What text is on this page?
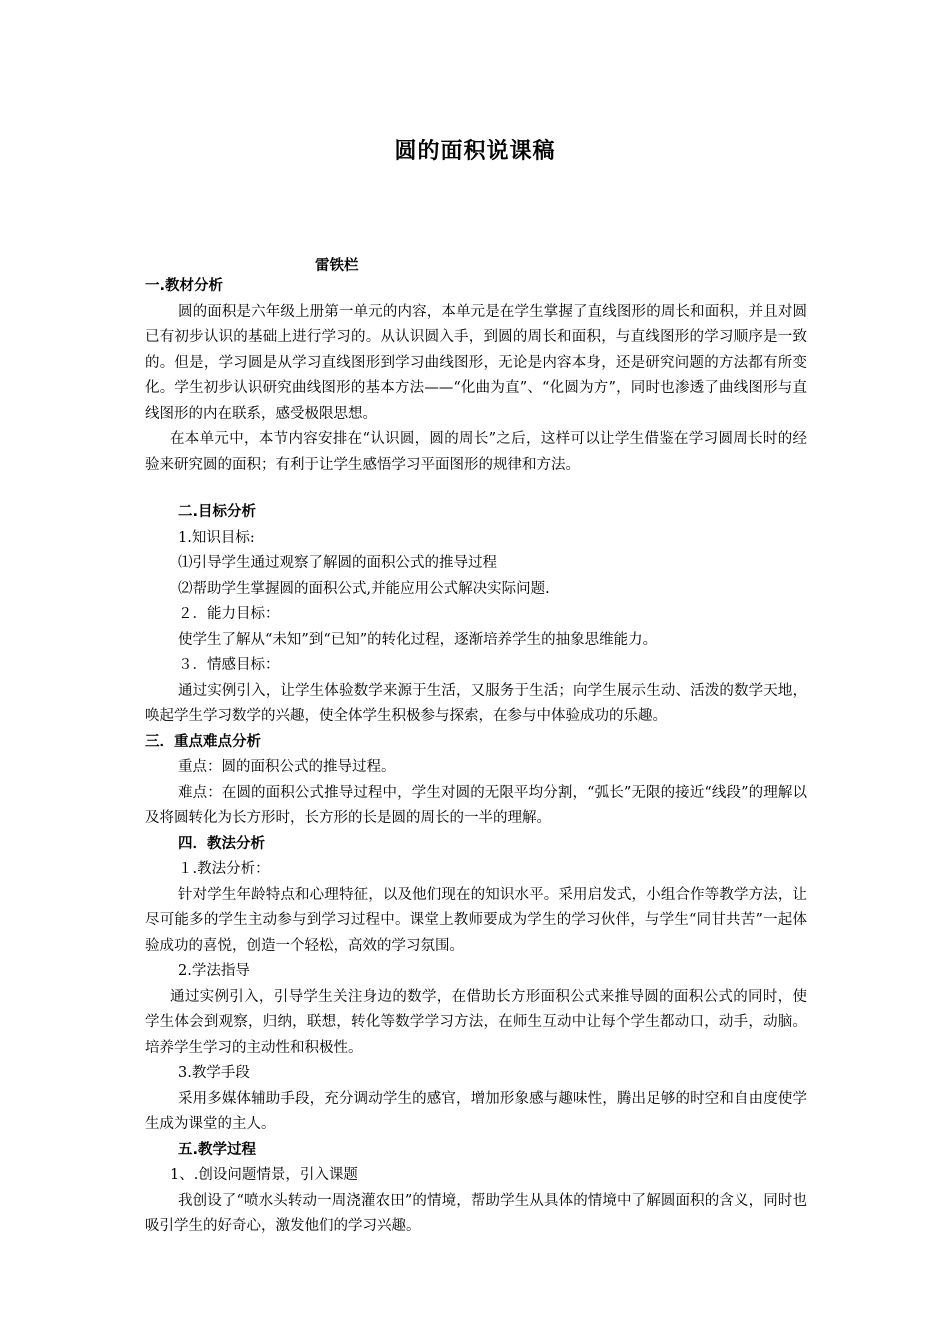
圆的面积说课稿
雷铁栏

一.教材分析

圆的面积是六年级上册第一单元的内容，本单元是在学生掌握了直线图形的周长和面积，并且对圆已有初步认识的基础上进行学习的。从认识圆入手，到圆的周长和面积，与直线图形的学习顺序是一致的。但是，学习圆是从学习直线图形到学习曲线图形，无论是内容本身，还是研究问题的方法都有所变化。学生初步认识研究曲线图形的基本方法——“化曲为直”、“化圆为方”，同时也渗透了曲线图形与直线图形的内在联系，感受极限思想。

在本单元中，本节内容安排在“认识圆，圆的周长”之后，这样可以让学生借鉴在学习圆周长时的经验来研究圆的面积；有利于让学生感悟学习平面图形的规律和方法。

二.目标分析

1.知识目标:

⑴引导学生通过观察了解圆的面积公式的推导过程

⑵帮助学生掌握圆的面积公式,并能应用公式解决实际问题.

２．能力目标：

使学生了解从“未知”到“已知”的转化过程，逐渐培养学生的抽象思维能力。

３．情感目标：

通过实例引入，让学生体验数学来源于生活，又服务于生活；向学生展示生动、活泼的数学天地，唤起学生学习数学的兴趣，使全体学生积极参与探索，在参与中体验成功的乐趣。

三．重点难点分析

重点：圆的面积公式的推导过程。

难点：在圆的面积公式推导过程中，学生对圆的无限平均分割，“弧长”无限的接近“线段”的理解以及将圆转化为长方形时，长方形的长是圆的周长的一半的理解。

四．教法分析

１.教法分析：

针对学生年龄特点和心理特征，以及他们现在的知识水平。采用启发式，小组合作等教学方法，让尽可能多的学生主动参与到学习过程中。课堂上教师要成为学生的学习伙伴，与学生“同甘共苦”一起体验成功的喜悦，创造一个轻松，高效的学习氛围。

2.学法指导

通过实例引入，引导学生关注身边的数学，在借助长方形面积公式来推导圆的面积公式的同时，使学生体会到观察，归纳，联想，转化等数学学习方法，在师生互动中让每个学生都动口，动手，动脑。培养学生学习的主动性和积极性。

3.教学手段

采用多媒体辅助手段，充分调动学生的感官，增加形象感与趣味性，腾出足够的时空和自由度使学生成为课堂的主人。

五.教学过程

1、.创设问题情景，引入课题

我创设了“喷水头转动一周浇灌农田”的情境，帮助学生从具体的情境中了解圆面积的含义，同时也吸引学生的好奇心，激发他们的学习兴趣。
